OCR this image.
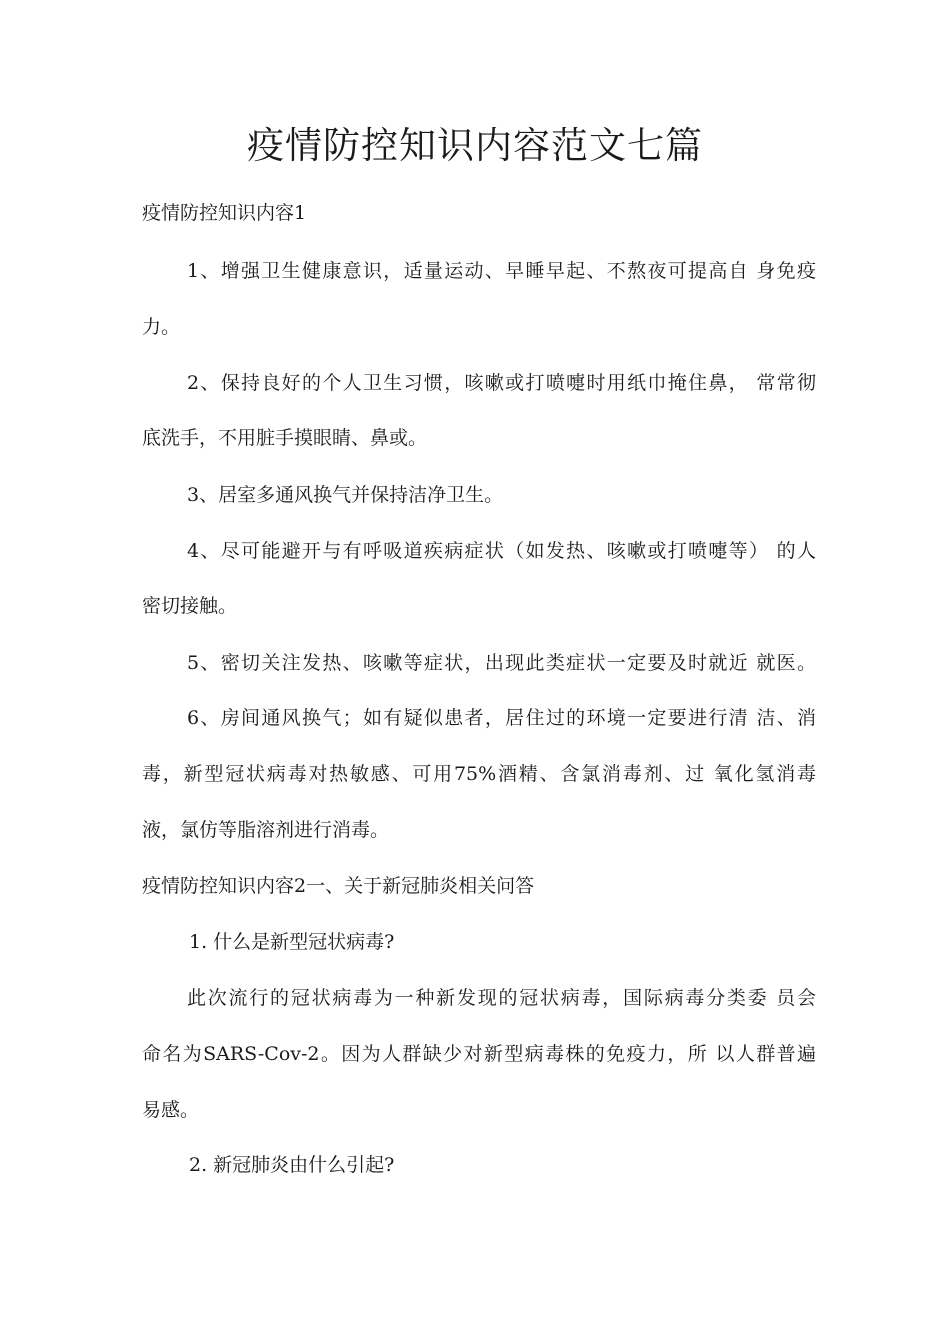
疫情防控知识内容范文七篇
疫情防控知识内容1
1、增强卫生健康意识，适量运动、早睡早起、不熬夜可提高自 身免疫
力。
2、保持良好的个人卫生习惯，咳嗽或打喷嚏时用纸巾掩住鼻， 常常彻
底洗手，不用脏手摸眼睛、鼻或。
3、居室多通风换气并保持洁净卫生。
4、尽可能避开与有呼吸道疾病症状（如发热、咳嗽或打喷嚏等） 的人
密切接触。
5、密切关注发热、咳嗽等症状，出现此类症状一定要及时就近 就医。
6、房间通风换气；如有疑似患者，居住过的环境一定要进行清 洁、消
毒，新型冠状病毒对热敏感、可用75%酒精、含氯消毒剂、过 氧化氢消毒
液，氯仿等脂溶剂进行消毒。
疫情防控知识内容2一、关于新冠肺炎相关问答
1. 什么是新型冠状病毒?
此次流行的冠状病毒为一种新发现的冠状病毒，国际病毒分类委 员会
命名为SARS-Cov-2。因为人群缺少对新型病毒株的免疫力，所 以人群普遍
易感。
2. 新冠肺炎由什么引起?
